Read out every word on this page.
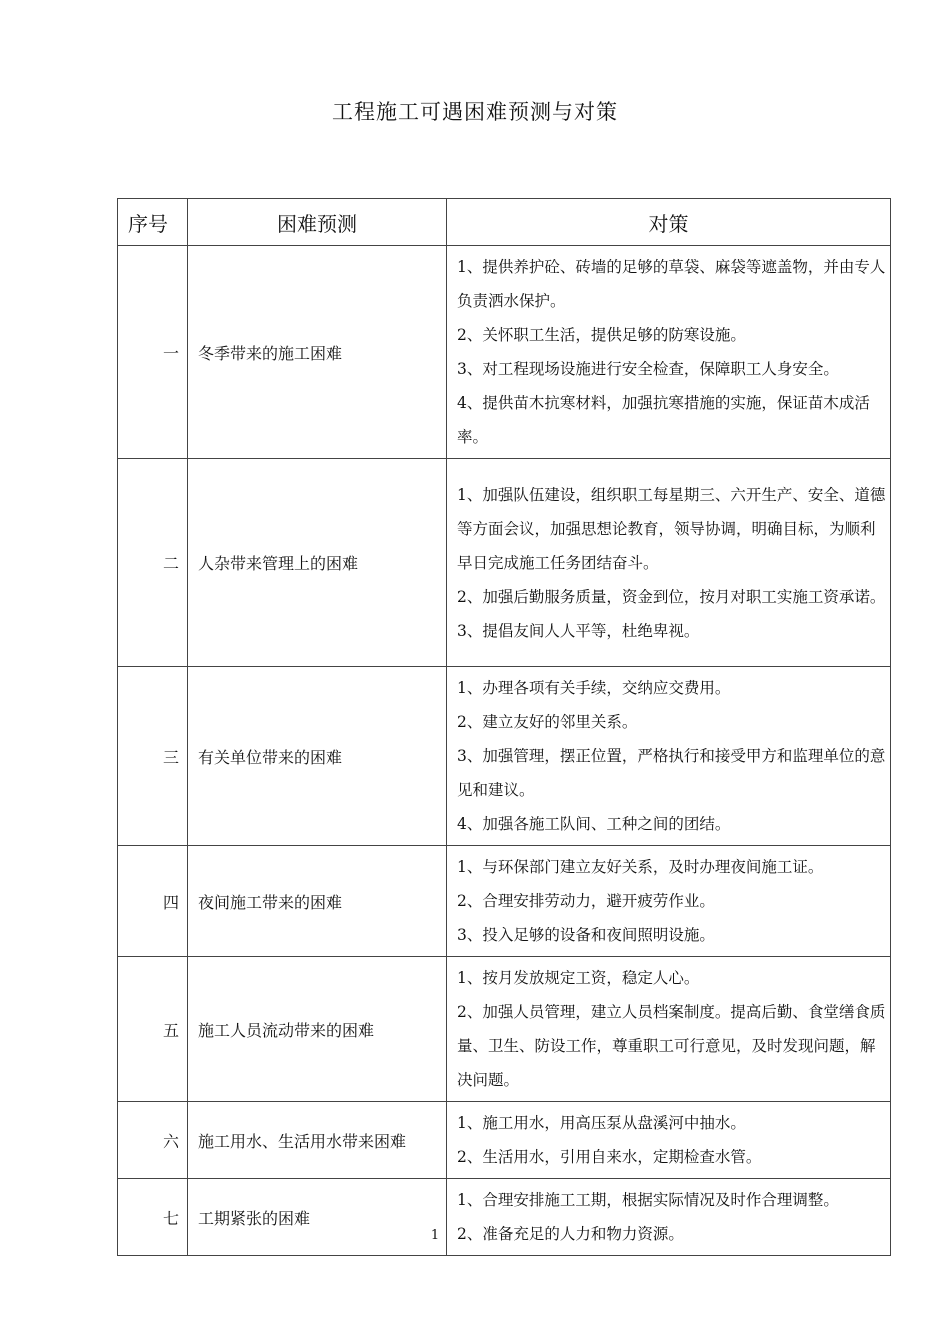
工程施工可遇困难预测与对策
序号	困难预测	对策
一	冬季带来的施工困难	1、提供养护砼、砖墙的足够的草袋、麻袋等遮盖物，并由专人负责洒水保护。
2、关怀职工生活，提供足够的防寒设施。
3、对工程现场设施进行安全检查，保障职工人身安全。
4、提供苗木抗寒材料，加强抗寒措施的实施，保证苗木成活率。

二	人杂带来管理上的困难	1、加强队伍建设，组织职工每星期三、六开生产、安全、道德等方面会议，加强思想论教育，领导协调，明确目标，为顺利早日完成施工任务团结奋斗。
2、加强后勤服务质量，资金到位，按月对职工实施工资承诺。
3、提倡友间人人平等，杜绝卑视。

三	有关单位带来的困难	1、办理各项有关手续，交纳应交费用。
2、建立友好的邻里关系。
3、加强管理，摆正位置，严格执行和接受甲方和监理单位的意见和建议。
4、加强各施工队间、工种之间的团结。

四	夜间施工带来的困难	1、与环保部门建立友好关系，及时办理夜间施工证。
2、合理安排劳动力，避开疲劳作业。
3、投入足够的设备和夜间照明设施。

五	施工人员流动带来的困难	1、按月发放规定工资，稳定人心。
2、加强人员管理，建立人员档案制度。提高后勤、食堂缮食质量、卫生、防设工作，尊重职工可行意见，及时发现问题，解决问题。

六	施工用水、生活用水带来困难	1、施工用水，用高压泵从盘溪河中抽水。
2、生活用水，引用自来水，定期检查水管。

七	工期紧张的困难	1、合理安排施工工期，根据实际情况及时作合理调整。
2、准备充足的人力和物力资源。
1
